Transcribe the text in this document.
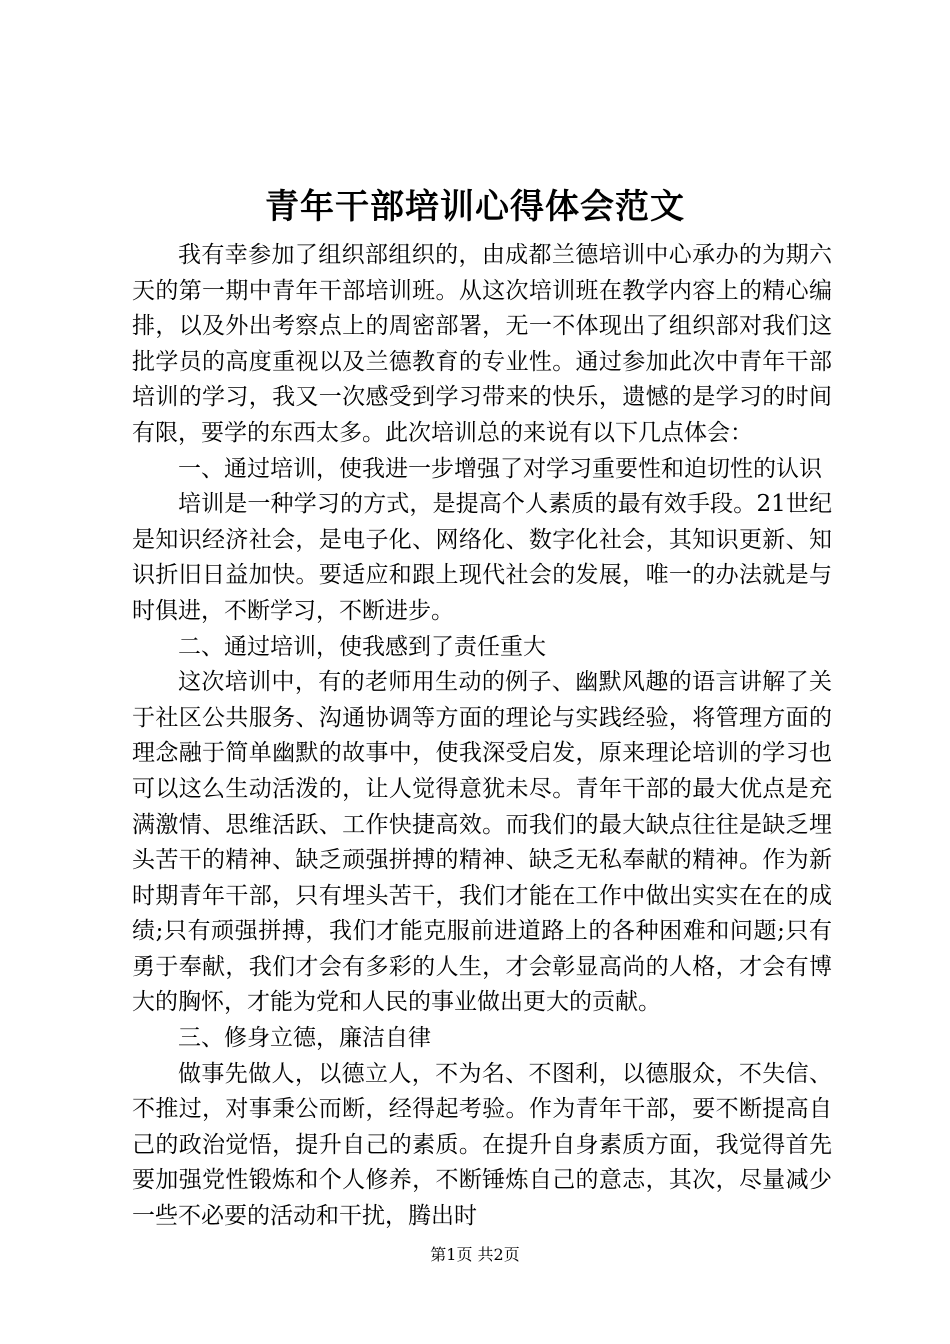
青年干部培训心得体会范文

我有幸参加了组织部组织的，由成都兰德培训中心承办的为期六天的第一期中青年干部培训班。从这次培训班在教学内容上的精心编排，以及外出考察点上的周密部署，无一不体现出了组织部对我们这批学员的高度重视以及兰德教育的专业性。通过参加此次中青年干部培训的学习，我又一次感受到学习带来的快乐，遗憾的是学习的时间有限，要学的东西太多。此次培训总的来说有以下几点体会：

一、通过培训，使我进一步增强了对学习重要性和迫切性的认识

培训是一种学习的方式，是提高个人素质的最有效手段。21世纪是知识经济社会，是电子化、网络化、数字化社会，其知识更新、知识折旧日益加快。要适应和跟上现代社会的发展，唯一的办法就是与时俱进，不断学习，不断进步。

二、通过培训，使我感到了责任重大

这次培训中，有的老师用生动的例子、幽默风趣的语言讲解了关于社区公共服务、沟通协调等方面的理论与实践经验，将管理方面的理念融于简单幽默的故事中，使我深受启发，原来理论培训的学习也可以这么生动活泼的，让人觉得意犹未尽。青年干部的最大优点是充满激情、思维活跃、工作快捷高效。而我们的最大缺点往往是缺乏埋头苦干的精神、缺乏顽强拼搏的精神、缺乏无私奉献的精神。作为新时期青年干部，只有埋头苦干，我们才能在工作中做出实实在在的成绩;只有顽强拼搏，我们才能克服前进道路上的各种困难和问题;只有勇于奉献，我们才会有多彩的人生，才会彰显高尚的人格，才会有博大的胸怀，才能为党和人民的事业做出更大的贡献。

三、修身立德，廉洁自律

做事先做人，以德立人，不为名、不图利，以德服众，不失信、不推过，对事秉公而断，经得起考验。作为青年干部，要不断提高自己的政治觉悟，提升自己的素质。在提升自身素质方面，我觉得首先要加强党性锻炼和个人修养，不断锤炼自己的意志，其次，尽量减少一些不必要的活动和干扰，腾出时

第1页 共2页
